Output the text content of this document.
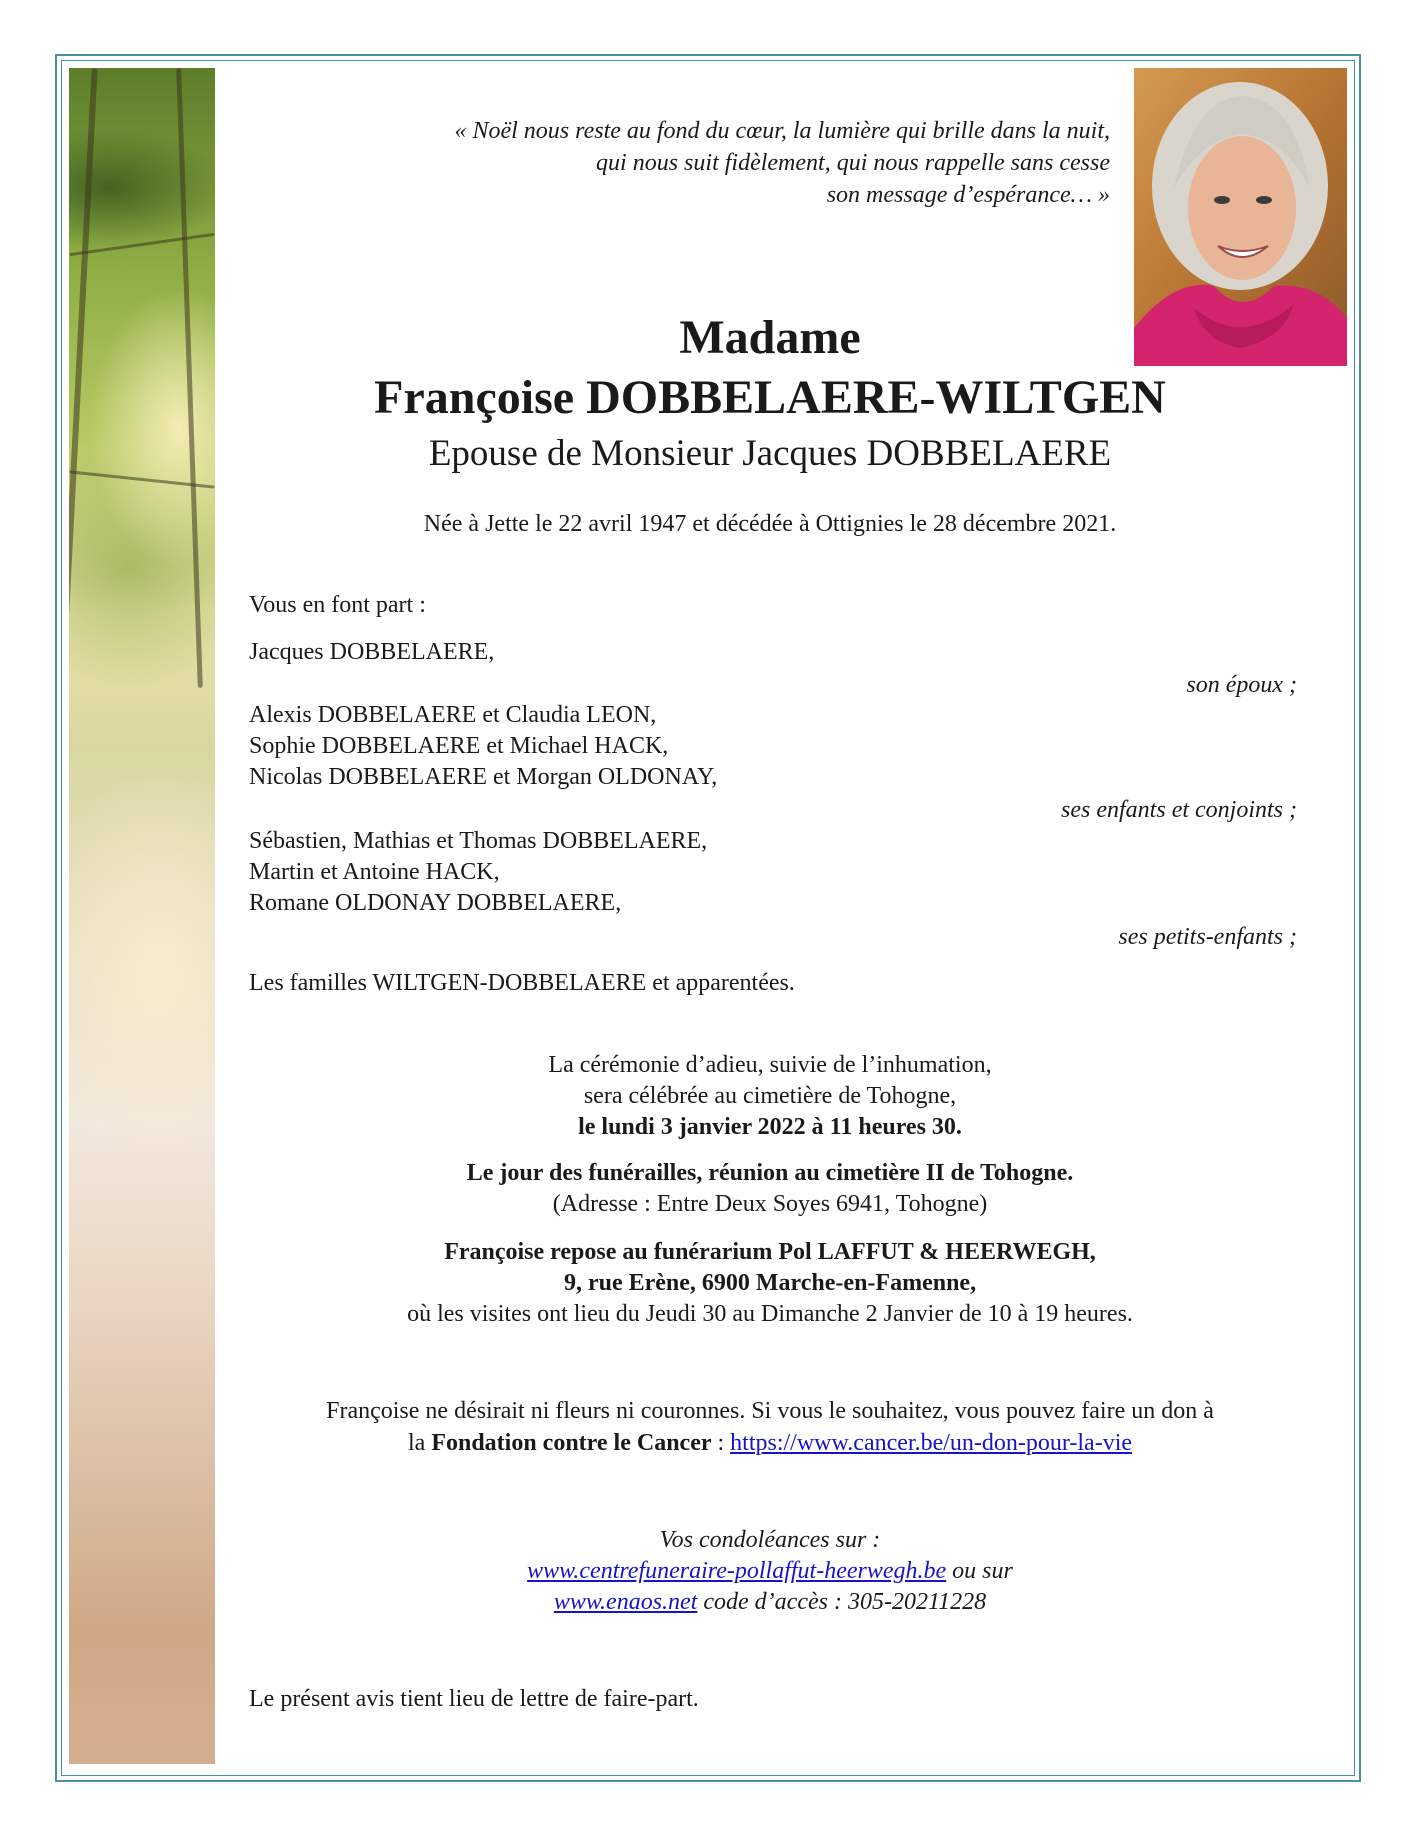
« Noël nous reste au fond du cœur, la lumière qui brille dans la nuit,

qui nous suit fidèlement, qui nous rappelle sans cesse

son message d’espérance… »

Madame

Françoise DOBBELAERE-WILTGEN

Epouse de Monsieur Jacques DOBBELAERE

Née à Jette le 22 avril 1947 et décédée à Ottignies le 28 décembre 2021.

Vous en font part :

Jacques DOBBELAERE,

son époux ;

Alexis DOBBELAERE et Claudia LEON,

Sophie DOBBELAERE et Michael HACK,

Nicolas DOBBELAERE et Morgan OLDONAY,

ses enfants et conjoints ;

Sébastien, Mathias et Thomas DOBBELAERE,

Martin et Antoine HACK,

Romane OLDONAY DOBBELAERE,

ses petits-enfants ;

Les familles WILTGEN-DOBBELAERE et apparentées.

La cérémonie d’adieu, suivie de l’inhumation,

sera célébrée au cimetière de Tohogne,

le lundi 3 janvier 2022 à 11 heures 30.

Le jour des funérailles, réunion au cimetière II de Tohogne.

(Adresse : Entre Deux Soyes 6941, Tohogne)

Françoise repose au funérarium Pol LAFFUT & HEERWEGH,

9, rue Erène, 6900 Marche-en-Famenne,

où les visites ont lieu du Jeudi 30 au Dimanche 2 Janvier de 10 à 19 heures.

Françoise ne désirait ni fleurs ni couronnes. Si vous le souhaitez, vous pouvez faire un don à

la Fondation contre le Cancer : https://www.cancer.be/un-don-pour-la-vie

Vos condoléances sur :

www.centrefuneraire-pollaffut-heerwegh.be ou sur

www.enaos.net code d’accès : 305-20211228

Le présent avis tient lieu de lettre de faire-part.
